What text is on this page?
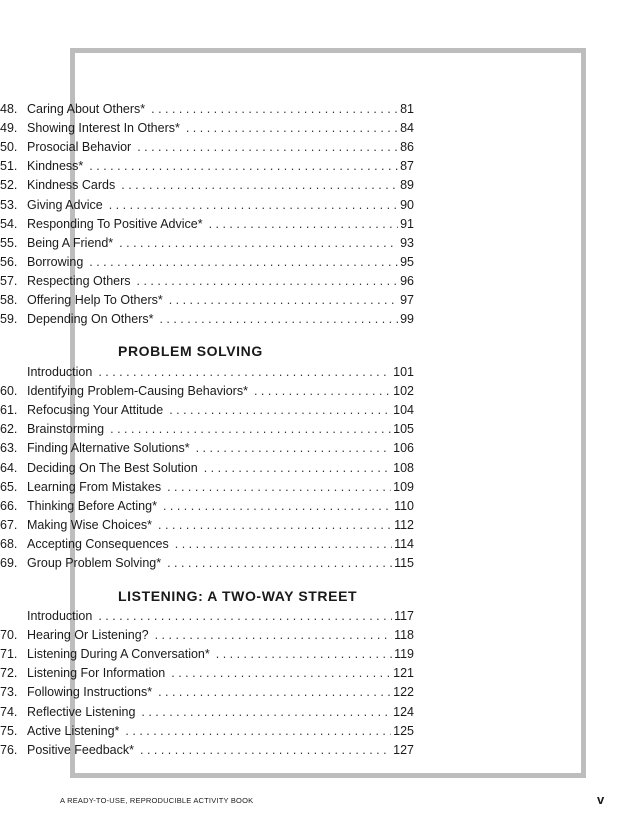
48. Caring About Others* . . .	81
49. Showing Interest In Others* . . .	84
50. Prosocial Behavior . . .	86
51. Kindness* . . .	87
52. Kindness Cards . . .	89
53. Giving Advice . . .	90
54. Responding To Positive Advice* . . .	91
55. Being A Friend* . . .	93
56. Borrowing . . .	95
57. Respecting Others . . .	96
58. Offering Help To Others* . . .	97
59. Depending On Others* . . .	99
PROBLEM SOLVING
Introduction . . .	101
60. Identifying Problem-Causing Behaviors* . . .	102
61. Refocusing Your Attitude . . .	104
62. Brainstorming . . .	105
63. Finding Alternative Solutions* . . .	106
64. Deciding On The Best Solution . . .	108
65. Learning From Mistakes . . .	109
66. Thinking Before Acting* . . .	110
67. Making Wise Choices* . . .	112
68. Accepting Consequences . . .	114
69. Group Problem Solving* . . .	115
LISTENING: A TWO-WAY STREET
Introduction . . .	117
70. Hearing Or Listening? . . .	118
71. Listening During A Conversation* . . .	119
72. Listening For Information . . .	121
73. Following Instructions* . . .	122
74. Reflective Listening . . .	124
75. Active Listening* . . .	125
76. Positive Feedback* . . .	127
A READY-TO-USE, REPRODUCIBLE ACTIVITY BOOK	v
